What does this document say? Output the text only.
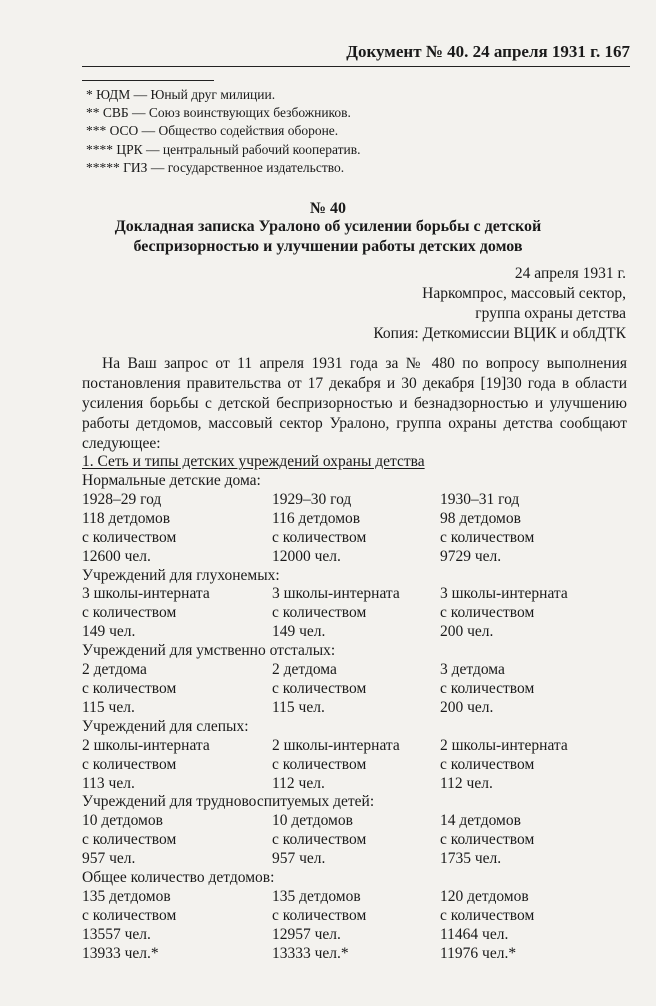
Документ № 40. 24 апреля 1931 г. 167
* ЮДМ — Юный друг милиции.
** СВБ — Союз воинствующих безбожников.
*** ОСО — Общество содействия обороне.
**** ЦРК — центральный рабочий кооператив.
***** ГИЗ — государственное издательство.
№ 40
Докладная записка Уралоно об усилении борьбы с детской
беспризорностью и улучшении работы детских домов
24 апреля 1931 г.
Наркомпрос, массовый сектор,
группа охраны детства
Копия: Деткомиссии ВЦИК и облДТК
На Ваш запрос от 11 апреля 1931 года за № 480 по вопросу выполнения постановления правительства от 17 декабря и 30 декабря [19]30 года в области усиления борьбы с детской беспризорностью и безнадзорностью и улучшению работы детдомов, массовый сектор Уралоно, группа охраны детства сообщают следующее:
1. Сеть и типы детских учреждений охраны детства
Нормальные детские дома:
1928–29 год	1929–30 год	1930–31 год
118 детдомов	116 детдомов	98 детдомов
с количеством	с количеством	с количеством
12600 чел.	12000 чел.	9729 чел.
Учреждений для глухонемых:
3 школы-интерната	3 школы-интерната	3 школы-интерната
с количеством	с количеством	с количеством
149 чел.	149 чел.	200 чел.
Учреждений для умственно отсталых:
2 детдома	2 детдома	3 детдома
с количеством	с количеством	с количеством
115 чел.	115 чел.	200 чел.
Учреждений для слепых:
2 школы-интерната	2 школы-интерната	2 школы-интерната
с количеством	с количеством	с количеством
113 чел.	112 чел.	112 чел.
Учреждений для трудновоспитуемых детей:
10 детдомов	10 детдомов	14 детдомов
с количеством	с количеством	с количеством
957 чел.	957 чел.	1735 чел.
Общее количество детдомов:
135 детдомов	135 детдомов	120 детдомов
с количеством	с количеством	с количеством
13557 чел.	12957 чел.	11464 чел.
13933 чел.*	13333 чел.*	11976 чел.*
